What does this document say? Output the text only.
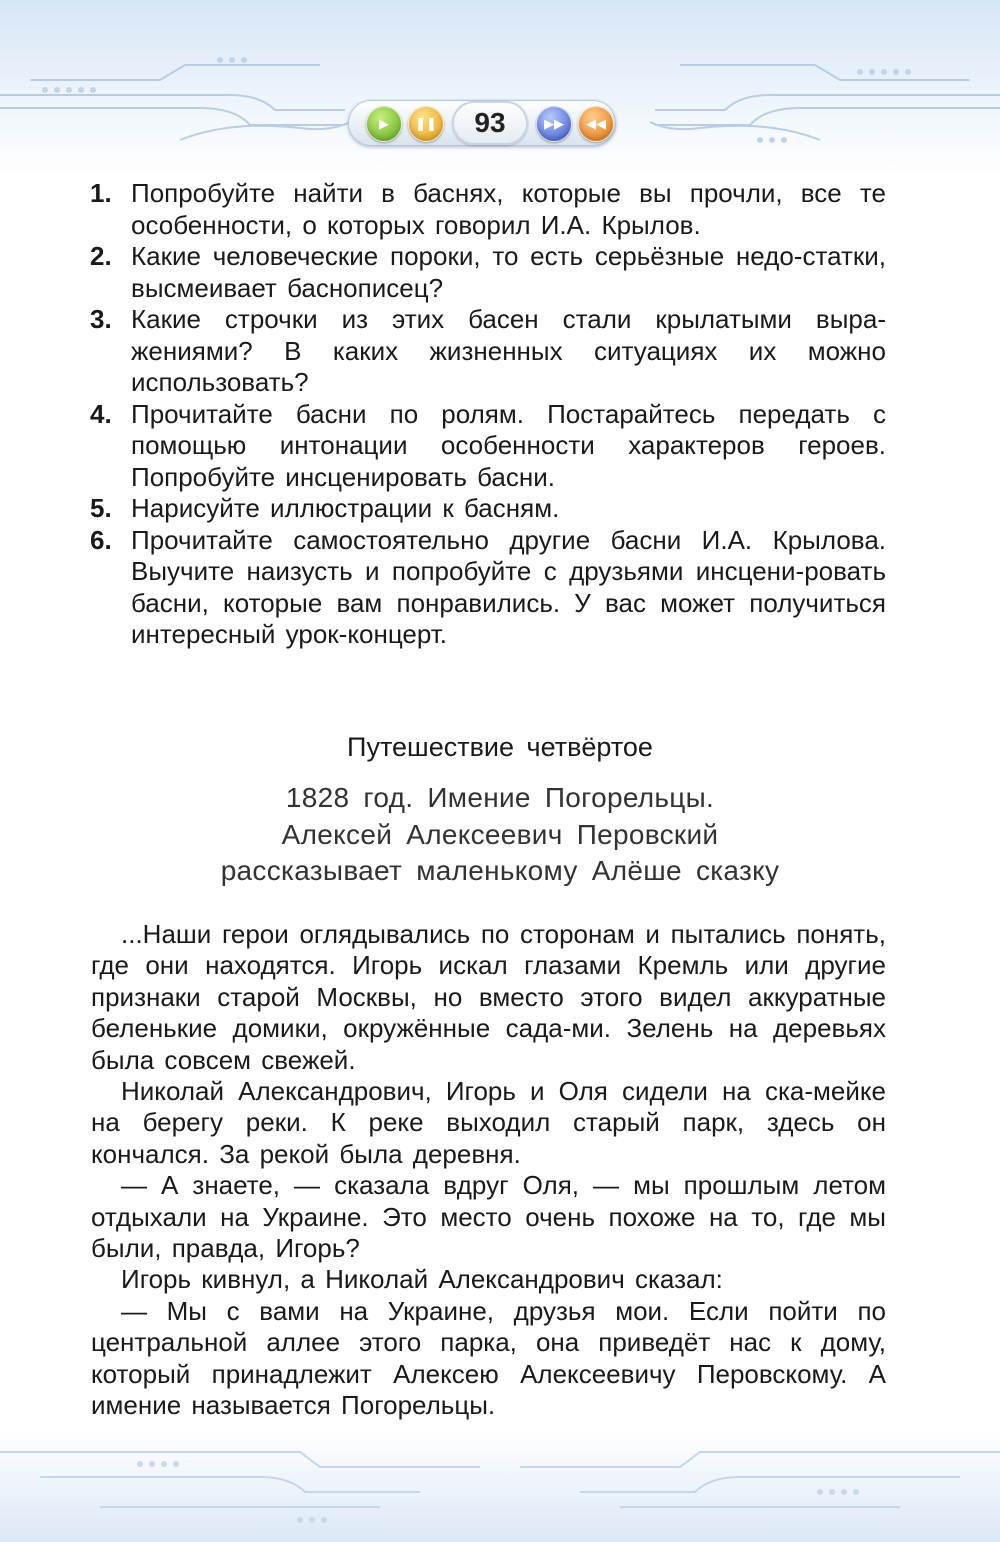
▶ ❚❚	93	▶▶ ◀◀
1. Попробуйте найти в баснях, которые вы прочли, все те особенности, о которых говорил И.А. Крылов.
2. Какие человеческие пороки, то есть серьёзные недо-статки, высмеивает баснописец?
3. Какие строчки из этих басен стали крылатыми выра-жениями? В каких жизненных ситуациях их можно использовать?
4. Прочитайте басни по ролям. Постарайтесь передать с помощью интонации особенности характеров героев. Попробуйте инсценировать басни.
5. Нарисуйте иллюстрации к басням.
6. Прочитайте самостоятельно другие басни И.А. Крылова. Выучите наизусть и попробуйте с друзьями инсцени-ровать басни, которые вам понравились. У вас может получиться интересный урок-концерт.
Путешествие четвёртое
1828 год. Имение Погорельцы.
Алексей Алексеевич Перовский
рассказывает маленькому Алёше сказку

...Наши герои оглядывались по сторонам и пытались понять, где они находятся. Игорь искал глазами Кремль или другие признаки старой Москвы, но вместо этого видел аккуратные беленькие домики, окружённые сада-ми. Зелень на деревьях была совсем свежей.

Николай Александрович, Игорь и Оля сидели на ска-мейке на берегу реки. К реке выходил старый парк, здесь он кончался. За рекой была деревня.

— А знаете, — сказала вдруг Оля, — мы прошлым летом отдыхали на Украине. Это место очень похоже на то, где мы были, правда, Игорь?

Игорь кивнул, а Николай Александрович сказал:

— Мы с вами на Украине, друзья мои. Если пойти по центральной аллее этого парка, она приведёт нас к дому, который принадлежит Алексею Алексеевичу Перовскому. А имение называется Погорельцы.
